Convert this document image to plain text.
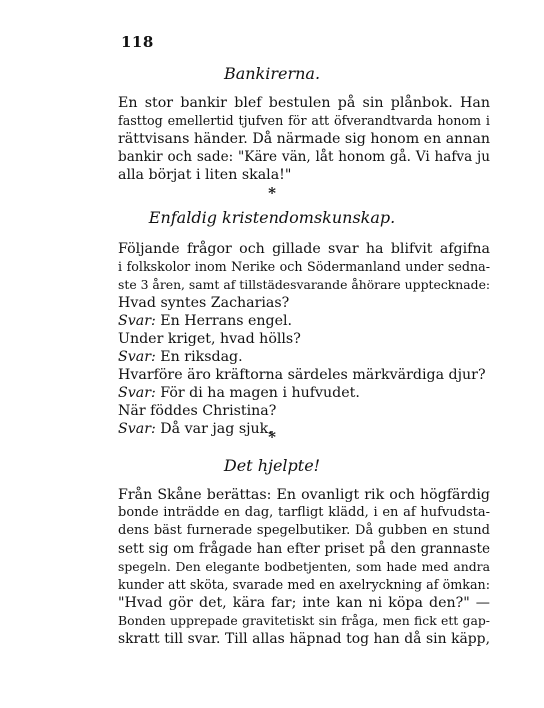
118
Bankirerna.
En stor bankir blef bestulen på sin plånbok. Han
fasttog emellertid tjufven för att öfverandtvarda honom i
rättvisans händer. Då närmade sig honom en annan
bankir och sade: "Käre vän, låt honom gå. Vi hafva ju
alla börjat i liten skala!"
*
Enfaldig kristendomskunskap.
Följande frågor och gillade svar ha blifvit afgifna
i folkskolor inom Nerike och Södermanland under sedna-
ste 3 åren, samt af tillstädesvarande åhörare upptecknade:
Hvad syntes Zacharias?
Svar: En Herrans engel.
Under kriget, hvad hölls?
Svar: En riksdag.
Hvarföre äro kräftorna särdeles märkvärdiga djur?
Svar: För di ha magen i hufvudet.
När föddes Christina?
Svar: Då var jag sjuk.
*
Det hjelpte!
Från Skåne berättas: En ovanligt rik och högfärdig
bonde inträdde en dag, tarfligt klädd, i en af hufvudsta-
dens bäst furnerade spegelbutiker. Då gubben en stund
sett sig om frågade han efter priset på den grannaste
spegeln. Den elegante bodbetjenten, som hade med andra
kunder att sköta, svarade med en axelryckning af ömkan:
"Hvad gör det, kära far; inte kan ni köpa den?" —
Bonden upprepade gravitetiskt sin fråga, men fick ett gap-
skratt till svar. Till allas häpnad tog han då sin käpp,
